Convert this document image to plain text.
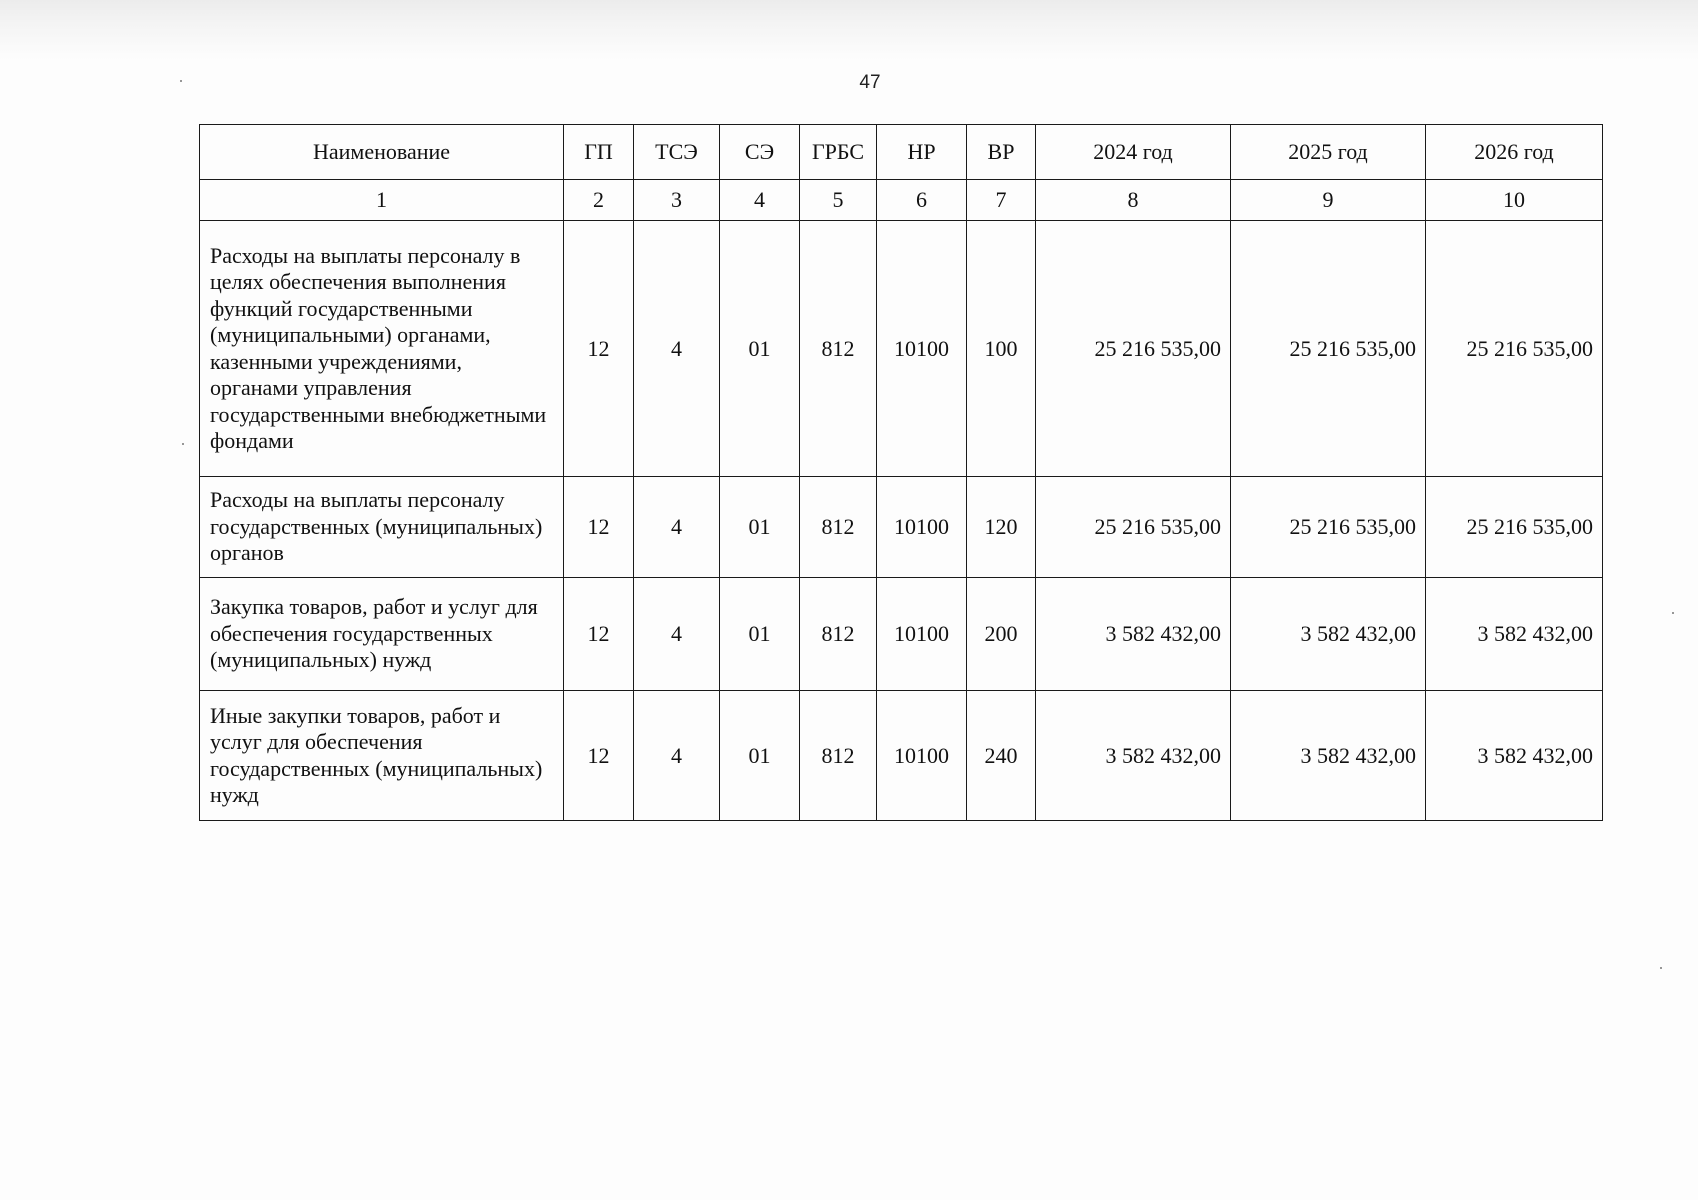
47
Наименование	ГП	ТСЭ	СЭ	ГРБС	НР	ВР	2024 год	2025 год	2026 год
1	2	3	4	5	6	7	8	9	10
Расходы на выплаты персоналу в целях обеспечения выполнения функций государственными (муниципальными) органами, казенными учреждениями, органами управления государственными внебюджетными фондами	12	4	01	812	10100	100	25 216 535,00	25 216 535,00	25 216 535,00
Расходы на выплаты персоналу государственных (муниципальных) органов	12	4	01	812	10100	120	25 216 535,00	25 216 535,00	25 216 535,00
Закупка товаров, работ и услуг для обеспечения государственных (муниципальных) нужд	12	4	01	812	10100	200	3 582 432,00	3 582 432,00	3 582 432,00
Иные закупки товаров, работ и услуг для обеспечения государственных (муниципальных) нужд	12	4	01	812	10100	240	3 582 432,00	3 582 432,00	3 582 432,00
